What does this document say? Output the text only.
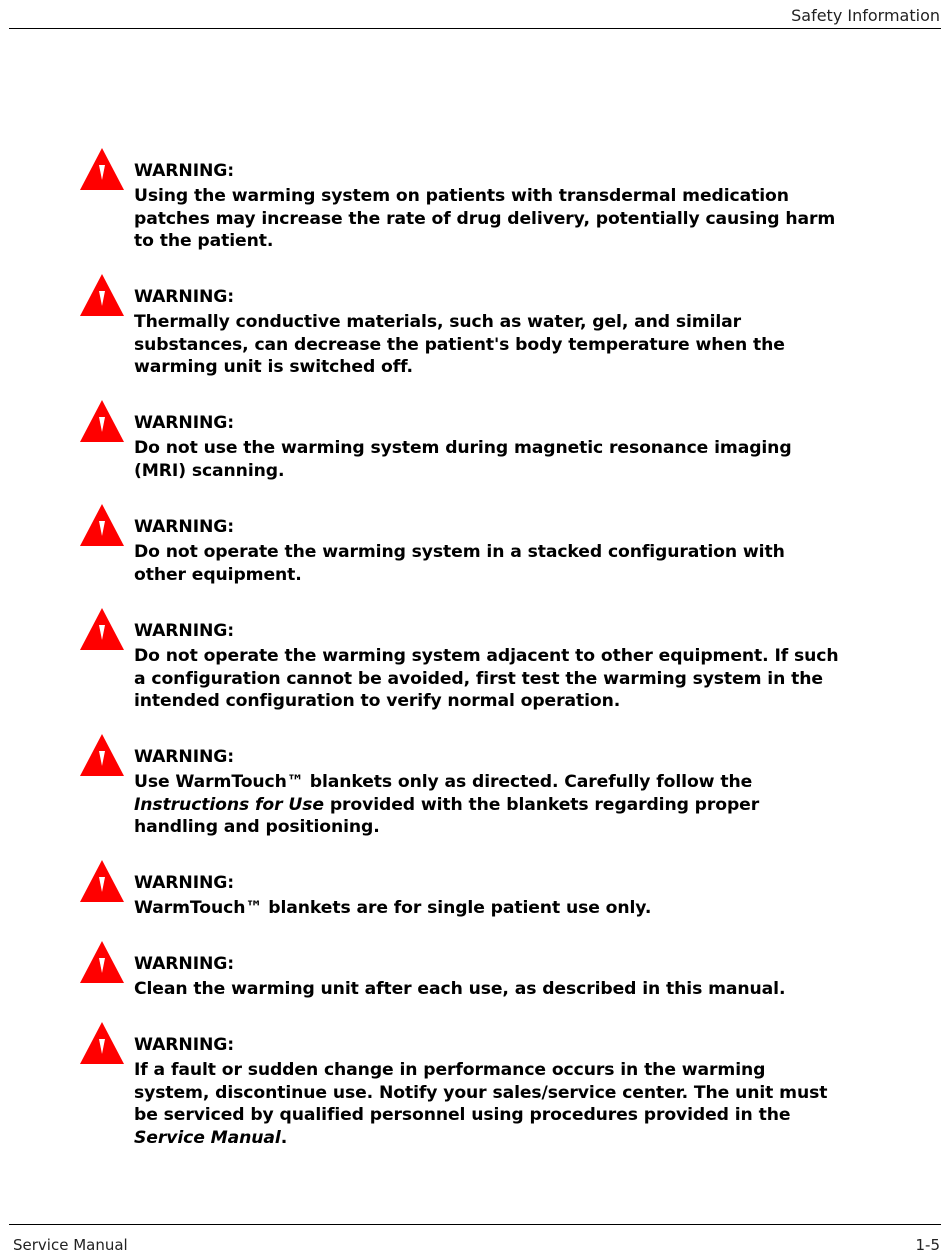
Safety Information
WARNING:
Using the warming system on patients with transdermal medication patches may increase the rate of drug delivery, potentially causing harm to the patient.
WARNING:
Thermally conductive materials, such as water, gel, and similar substances, can decrease the patient's body temperature when the warming unit is switched off.
WARNING:
Do not use the warming system during magnetic resonance imaging (MRI) scanning.
WARNING:
Do not operate the warming system in a stacked configuration with other equipment.
WARNING:
Do not operate the warming system adjacent to other equipment. If such a configuration cannot be avoided, first test the warming system in the intended configuration to verify normal operation.
WARNING:
Use WarmTouch™ blankets only as directed. Carefully follow the Instructions for Use provided with the blankets regarding proper handling and positioning.
WARNING:
WarmTouch™ blankets are for single patient use only.
WARNING:
Clean the warming unit after each use, as described in this manual.
WARNING:
If a fault or sudden change in performance occurs in the warming system, discontinue use. Notify your sales/service center. The unit must be serviced by qualified personnel using procedures provided in the Service Manual.
Service Manual	1-5
